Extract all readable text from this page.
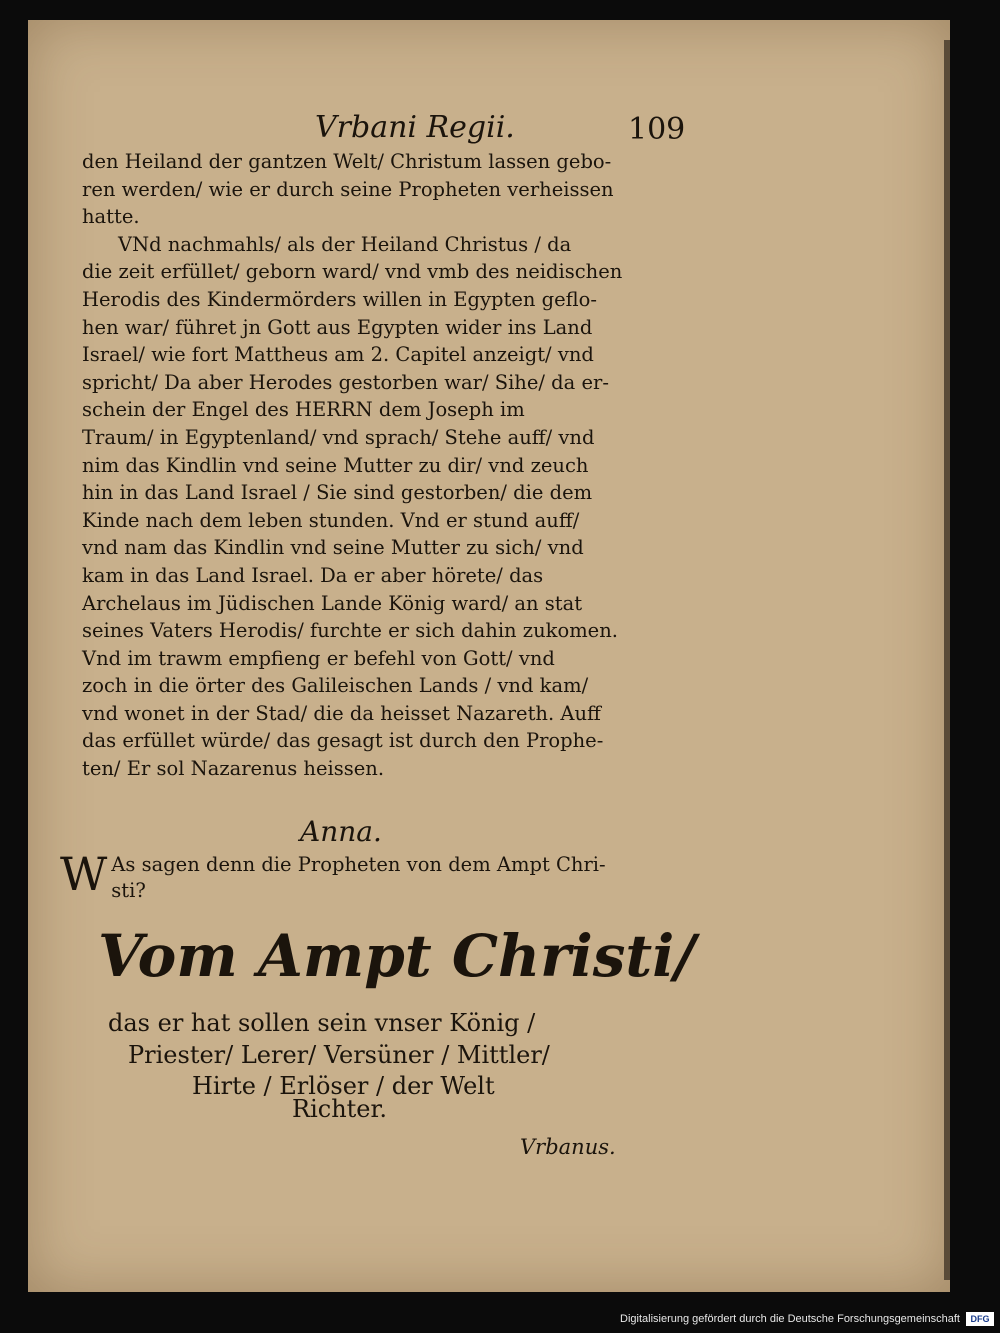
Vrbani Regii.	109
den Heiland der gantzen Welt/ Christum lassen gebo-
ren werden/ wie er durch seine Propheten verheissen
hatte.
VNd nachmahls/ als der Heiland Christus / da
die zeit erfüllet/ geborn ward/ vnd vmb des neidischen
Herodis des Kindermörders willen in Egypten geflo-
hen war/ führet jn Gott aus Egypten wider ins Land
Israel/ wie fort Mattheus am 2. Capitel anzeigt/ vnd
spricht/ Da aber Herodes gestorben war/ Sihe/ da er-
schein der Engel des HERRN dem Joseph im
Traum/ in Egyptenland/ vnd sprach/ Stehe auff/ vnd
nim das Kindlin vnd seine Mutter zu dir/ vnd zeuch
hin in das Land Israel / Sie sind gestorben/ die dem
Kinde nach dem leben stunden. Vnd er stund auff/
vnd nam das Kindlin vnd seine Mutter zu sich/ vnd
kam in das Land Israel. Da er aber hörete/ das
Archelaus im Jüdischen Lande König ward/ an stat
seines Vaters Herodis/ furchte er sich dahin zukomen.
Vnd im trawm empfieng er befehl von Gott/ vnd
zoch in die örter des Galileischen Lands / vnd kam/
vnd wonet in der Stad/ die da heisset Nazareth. Auff
das erfüllet würde/ das gesagt ist durch den Prophe-
ten/ Er sol Nazarenus heissen.
Anna.
W As sagen denn die Propheten von dem Ampt Chri-
sti?
Vom Ampt Christi/
das er hat sollen sein vnser König /
Priester/ Lerer/ Versüner / Mittler/
Hirte / Erlöser / der Welt
Richter.
Vrbanus.
Digitalisierung gefördert durch die Deutsche Forschungsgemeinschaft	DFG
